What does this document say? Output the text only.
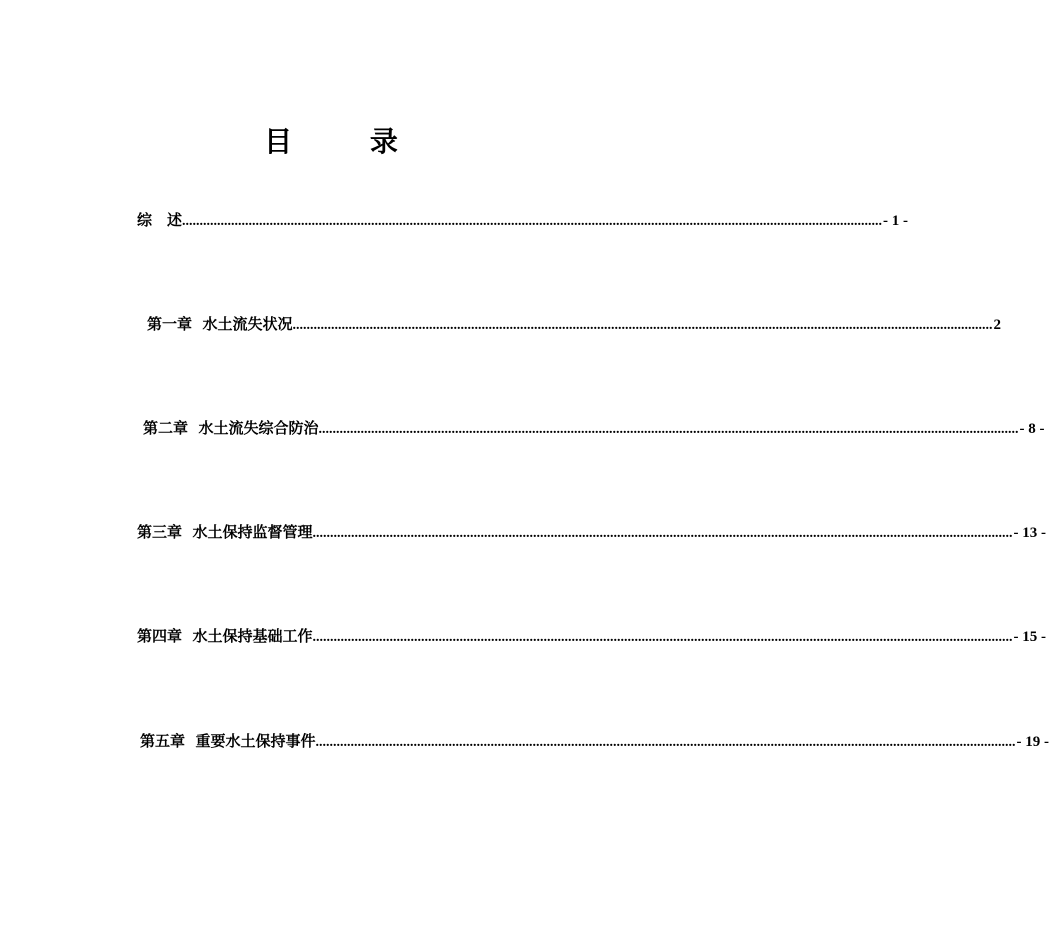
目 录
综　述 ........................................................................................................................................................................................................ - 1 -
第一章  水土流失状况 ........................................................................................................................................................................................................ 2
第二章  水土流失综合防治 ........................................................................................................................................................................................................ - 8 -
第三章  水土保持监督管理 ........................................................................................................................................................................................................ - 13 -
第四章  水土保持基础工作 ........................................................................................................................................................................................................ - 15 -
第五章  重要水土保持事件 ........................................................................................................................................................................................................ - 19 -
